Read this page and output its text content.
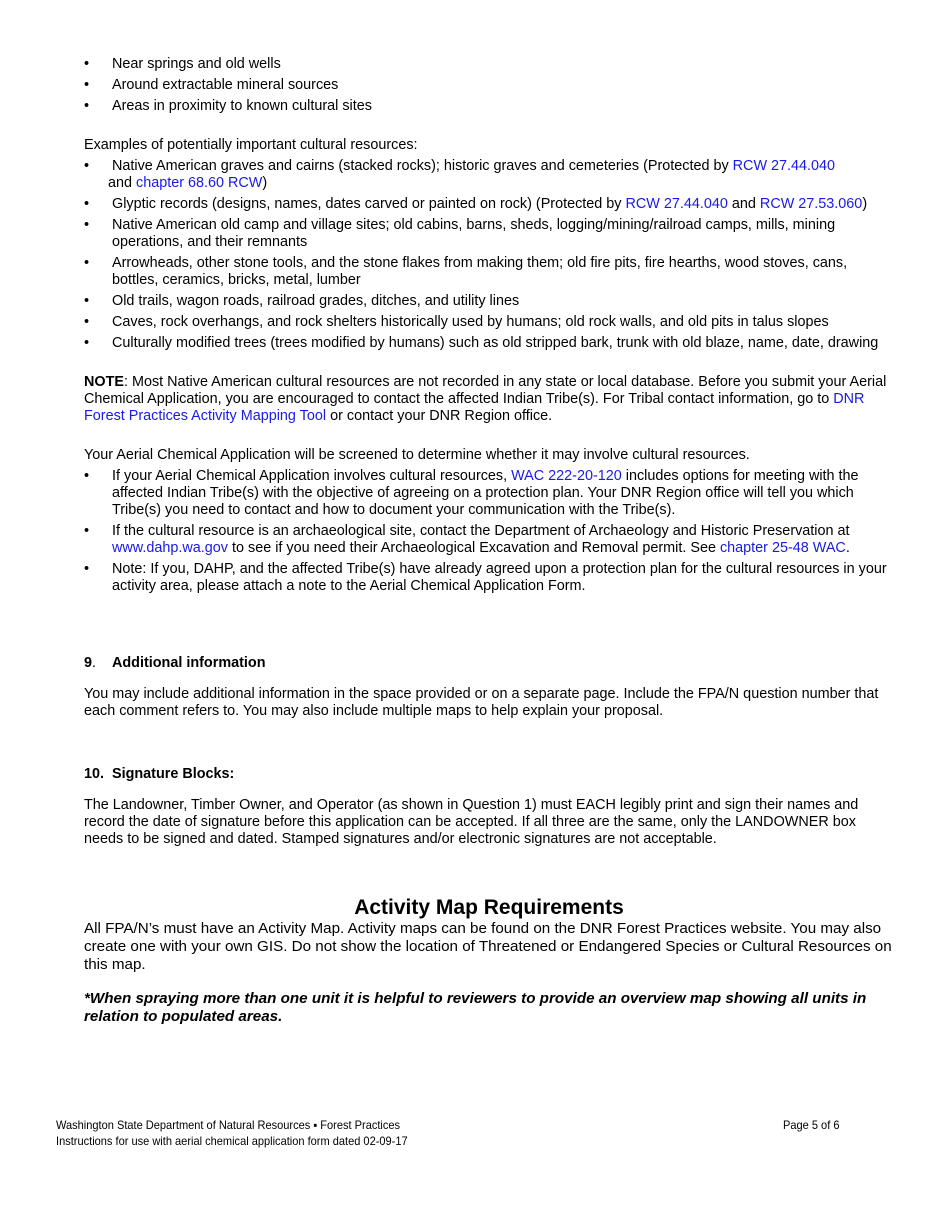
• Near springs and old wells
• Around extractable mineral sources
• Areas in proximity to known cultural sites

Examples of potentially important cultural resources:

• Native American graves and cairns (stacked rocks); historic graves and cemeteries (Protected by RCW 27.44.040
and chapter 68.60 RCW)
• Glyptic records (designs, names, dates carved or painted on rock) (Protected by RCW 27.44.040 and RCW 27.53.060)
• Native American old camp and village sites; old cabins, barns, sheds, logging/mining/railroad camps, mills, mining operations, and their remnants
• Arrowheads, other stone tools, and the stone flakes from making them; old fire pits, fire hearths, wood stoves, cans, bottles, ceramics, bricks, metal, lumber
• Old trails, wagon roads, railroad grades, ditches, and utility lines
• Caves, rock overhangs, and rock shelters historically used by humans; old rock walls, and old pits in talus slopes
• Culturally modified trees (trees modified by humans) such as old stripped bark, trunk with old blaze, name, date, drawing

NOTE: Most Native American cultural resources are not recorded in any state or local database. Before you submit your Aerial Chemical Application, you are encouraged to contact the affected Indian Tribe(s). For Tribal contact information, go to DNR Forest Practices Activity Mapping Tool or contact your DNR Region office.

Your Aerial Chemical Application will be screened to determine whether it may involve cultural resources.

• If your Aerial Chemical Application involves cultural resources, WAC 222-20-120 includes options for meeting with the affected Indian Tribe(s) with the objective of agreeing on a protection plan. Your DNR Region office will tell you which Tribe(s) you need to contact and how to document your communication with the Tribe(s).
• If the cultural resource is an archaeological site, contact the Department of Archaeology and Historic Preservation at www.dahp.wa.gov to see if you need their Archaeological Excavation and Removal permit. See chapter 25-48 WAC.
• Note: If you, DAHP, and the affected Tribe(s) have already agreed upon a protection plan for the cultural resources in your activity area, please attach a note to the Aerial Chemical Application Form.

9. Additional information

You may include additional information in the space provided or on a separate page. Include the FPA/N question number that each comment refers to. You may also include multiple maps to help explain your proposal.

10. Signature Blocks:

The Landowner, Timber Owner, and Operator (as shown in Question 1) must EACH legibly print and sign their names and record the date of signature before this application can be accepted. If all three are the same, only the LANDOWNER box needs to be signed and dated. Stamped signatures and/or electronic signatures are not acceptable.

Activity Map Requirements

All FPA/N’s must have an Activity Map. Activity maps can be found on the DNR Forest Practices website. You may also create one with your own GIS. Do not show the location of Threatened or Endangered Species or Cultural Resources on this map.

*When spraying more than one unit it is helpful to reviewers to provide an overview map showing all units in relation to populated areas.

Washington State Department of Natural Resources ▪ Forest Practices
Instructions for use with aerial chemical application form dated 02-09-17
Page 5 of 6
